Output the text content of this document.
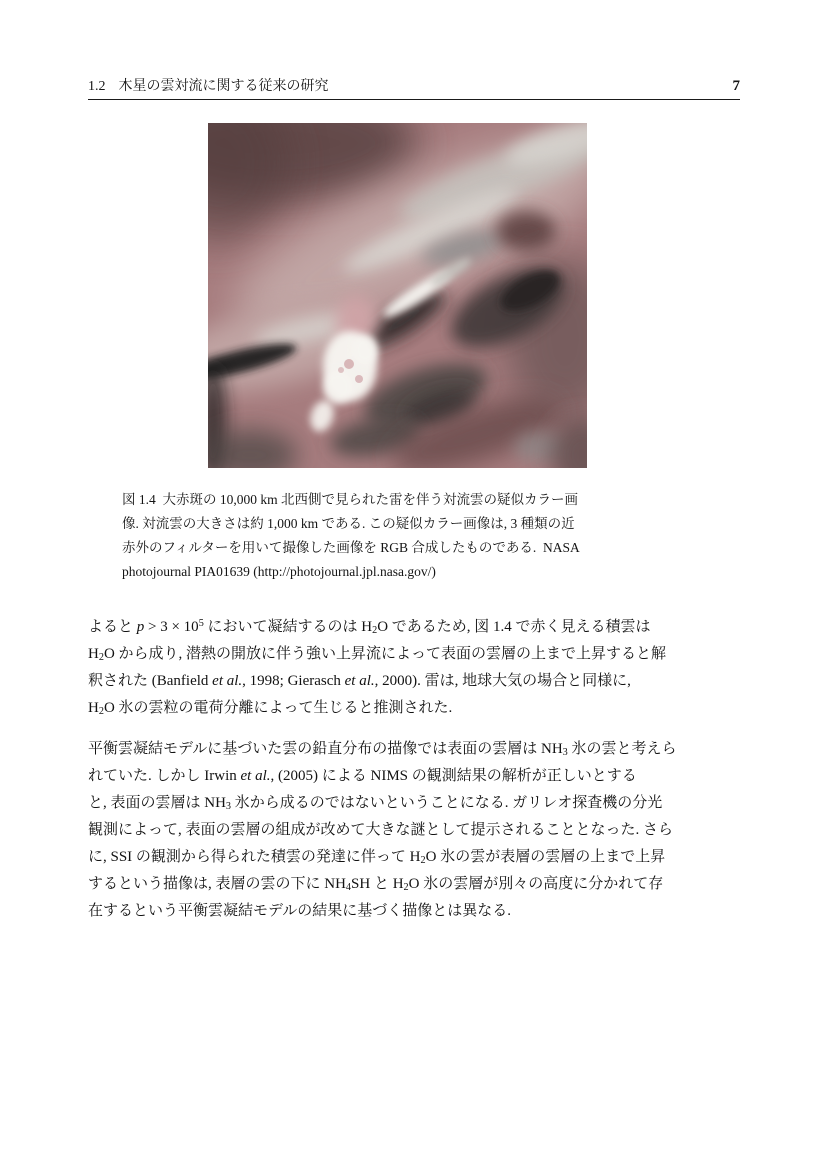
1.2 木星の雲対流に関する従来の研究	7
図 1.4  大赤斑の 10,000 km 北西側で見られた雷を伴う対流雲の疑似カラー画
像. 対流雲の大きさは約 1,000 km である. この疑似カラー画像は, 3 種類の近
赤外のフィルターを用いて撮像した画像を RGB 合成したものである.  NASA
photojournal PIA01639 (http://photojournal.jpl.nasa.gov/)
よると $p > 3 \times 10^5$ において凝結するのは $H_2O$ であるため, 図 1.4 で赤く見える積雲は
$H_2O$ から成り, 潜熱の開放に伴う強い上昇流によって表面の雲層の上まで上昇すると解
釈された (Banfield et al., 1998; Gierasch et al., 2000). 雷は, 地球大気の場合と同様に,
$H_2O$ 氷の雲粒の電荷分離によって生じると推測された.
平衡雲凝結モデルに基づいた雲の鉛直分布の描像では表面の雲層は $NH_3$ 氷の雲と考えら
れていた. しかし Irwin et al., (2005) による NIMS の観測結果の解析が正しいとする
と, 表面の雲層は $NH_3$ 氷から成るのではないということになる. ガリレオ探査機の分光
観測によって, 表面の雲層の組成が改めて大きな謎として提示されることとなった. さら
に, SSI の観測から得られた積雲の発達に伴って $H_2O$ 氷の雲が表層の雲層の上まで上昇
するという描像は, 表層の雲の下に $NH_4SH$ と $H_2O$ 氷の雲層が別々の高度に分かれて存
在するという平衡雲凝結モデルの結果に基づく描像とは異なる.
